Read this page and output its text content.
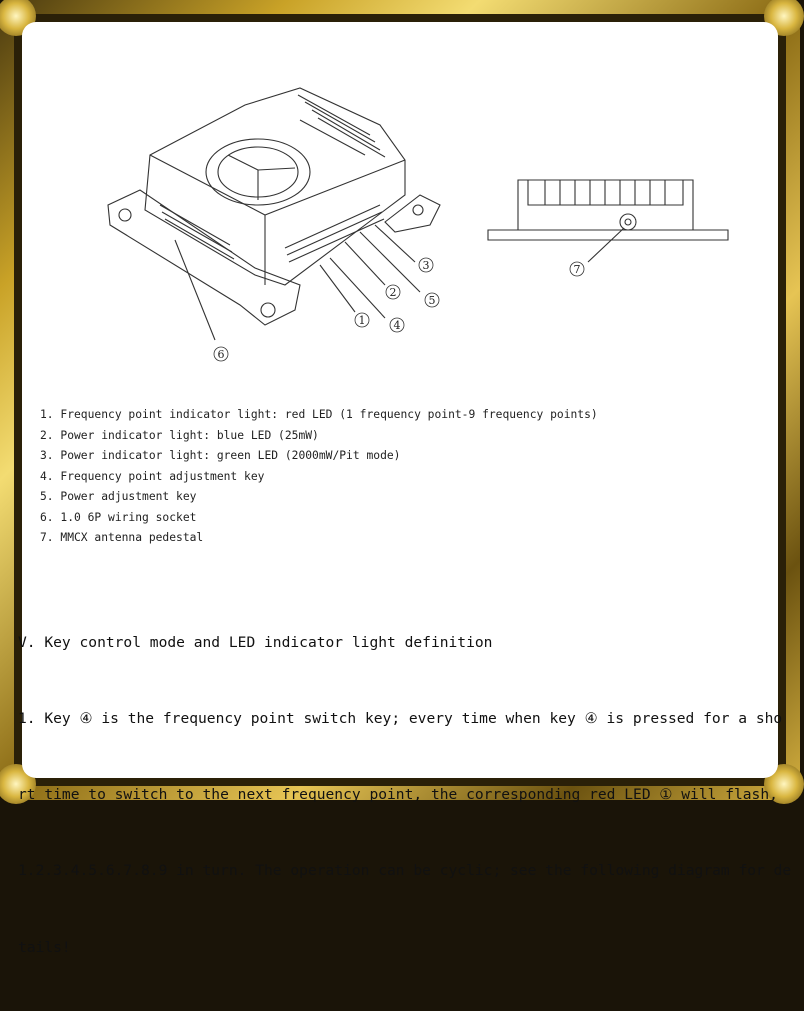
1
2
3
4
5
6
7
1. Frequency point indicator light: red LED (1 frequency point-9 frequency points)
2. Power indicator light: blue LED (25mW)
3. Power indicator light: green LED (2000mW/Pit mode)
4. Frequency point adjustment key
5. Power adjustment key
6. 1.0 6P wiring socket
7. MMCX antenna pedestal

V. Key control mode and LED indicator light definition

1. Key ④ is the frequency point switch key; every time when key ④ is pressed for a sho

rt time to switch to the next frequency point, the corresponding red LED ① will flash,

1.2.3.4.5.6.7.8.9 in turn. The operation can be cyclic; see the following diagram for de

tails!
